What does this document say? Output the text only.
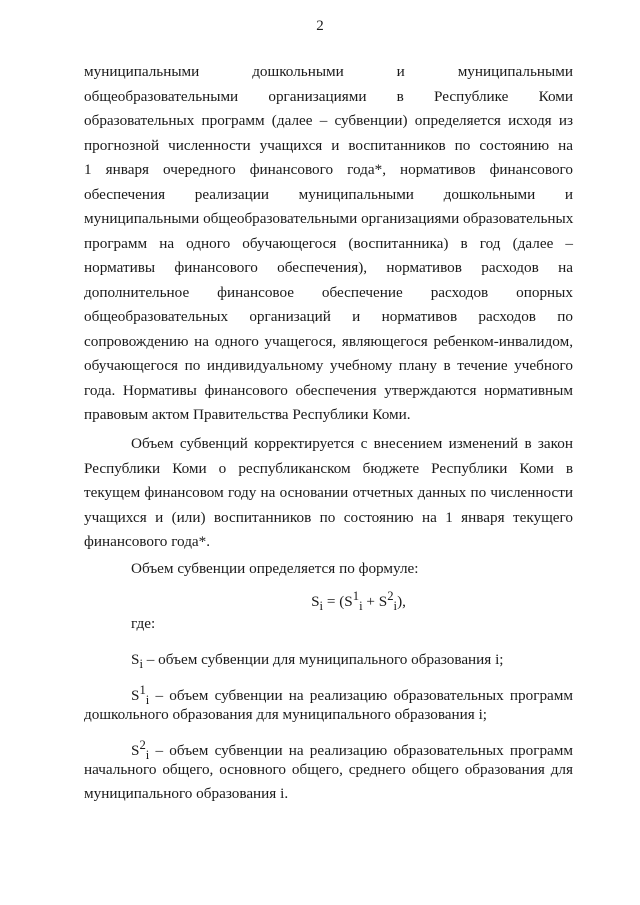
2
муниципальными дошкольными и муниципальными
общеобразовательными организациями в Республике Коми
образовательных программ (далее – субвенции) определяется исходя из
прогнозной численности учащихся и воспитанников по состоянию на
1 января очередного финансового года*, нормативов финансового
обеспечения реализации муниципальными дошкольными и
муниципальными общеобразовательными организациями образовательных
программ на одного обучающегося (воспитанника) в год (далее –
нормативы финансового обеспечения), нормативов расходов на
дополнительное финансовое обеспечение расходов опорных
общеобразовательных организаций и нормативов расходов по
сопровождению на одного учащегося, являющегося ребенком-инвалидом,
обучающегося по индивидуальному учебному плану в течение учебного
года. Нормативы финансового обеспечения утверждаются нормативным
правовым актом Правительства Республики Коми.
Объем субвенций корректируется с внесением изменений в закон
Республики Коми о республиканском бюджете Республики Коми в
текущем финансовом году на основании отчетных данных по численности
учащихся и (или) воспитанников по состоянию на 1 января текущего
финансового года*.
Объем субвенции определяется по формуле:
$S_i = (S^1_i + S^2_i)$,
где:
$S_i$ – объем субвенции для муниципального образования i;
$S^1_i$ – объем субвенции на реализацию образовательных программ
дошкольного образования для муниципального образования i;
$S^2_i$ – объем субвенции на реализацию образовательных программ
начального общего, основного общего, среднего общего образования для
муниципального образования i.
